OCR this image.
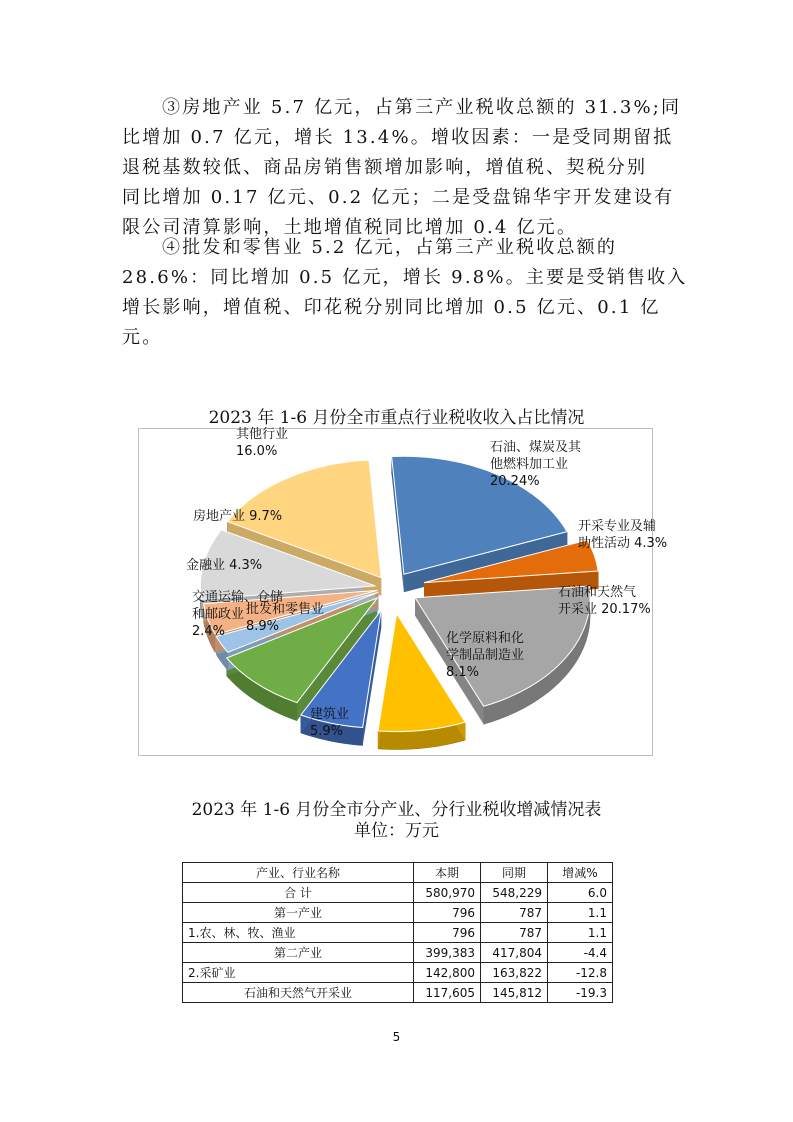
③房地产业 5.7 亿元，占第三产业税收总额的 31.3%;同
比增加 0.7 亿元，增长 13.4%。增收因素：一是受同期留抵
退税基数较低、商品房销售额增加影响，增值税、契税分别
同比增加 0.17 亿元、0.2 亿元；二是受盘锦华宇开发建设有
限公司清算影响，土地增值税同比增加 0.4 亿元。
④批发和零售业 5.2 亿元，占第三产业税收总额的
28.6%：同比增加 0.5 亿元，增长 9.8%。主要是受销售收入
增长影响，增值税、印花税分别同比增加 0.5 亿元、0.1 亿
元。
2023 年 1-6 月份全市重点行业税收收入占比情况
石油、煤炭及其他燃料加工业 20.24%
开采专业及辅助性活动 4.3%
石油和天然气开采业 20.17%
化学原料和化学制品制造业 8.1%
建筑业 5.9%
批发和零售业 8.9%
交通运输、仓储和邮政业 2.4%
金融业 4.3%
房地产业 9.7%
其他行业 16.0%
2023 年 1-6 月份全市分产业、分行业税收增减情况表
单位：万元
产业、行业名称	本期	同期	增减%
合 计	580,970	548,229	6.0
第一产业	796	787	1.1
1.农、林、牧、渔业	796	787	1.1
第二产业	399,383	417,804	-4.4
2.采矿业	142,800	163,822	-12.8
石油和天然气开采业	117,605	145,812	-19.3
5
